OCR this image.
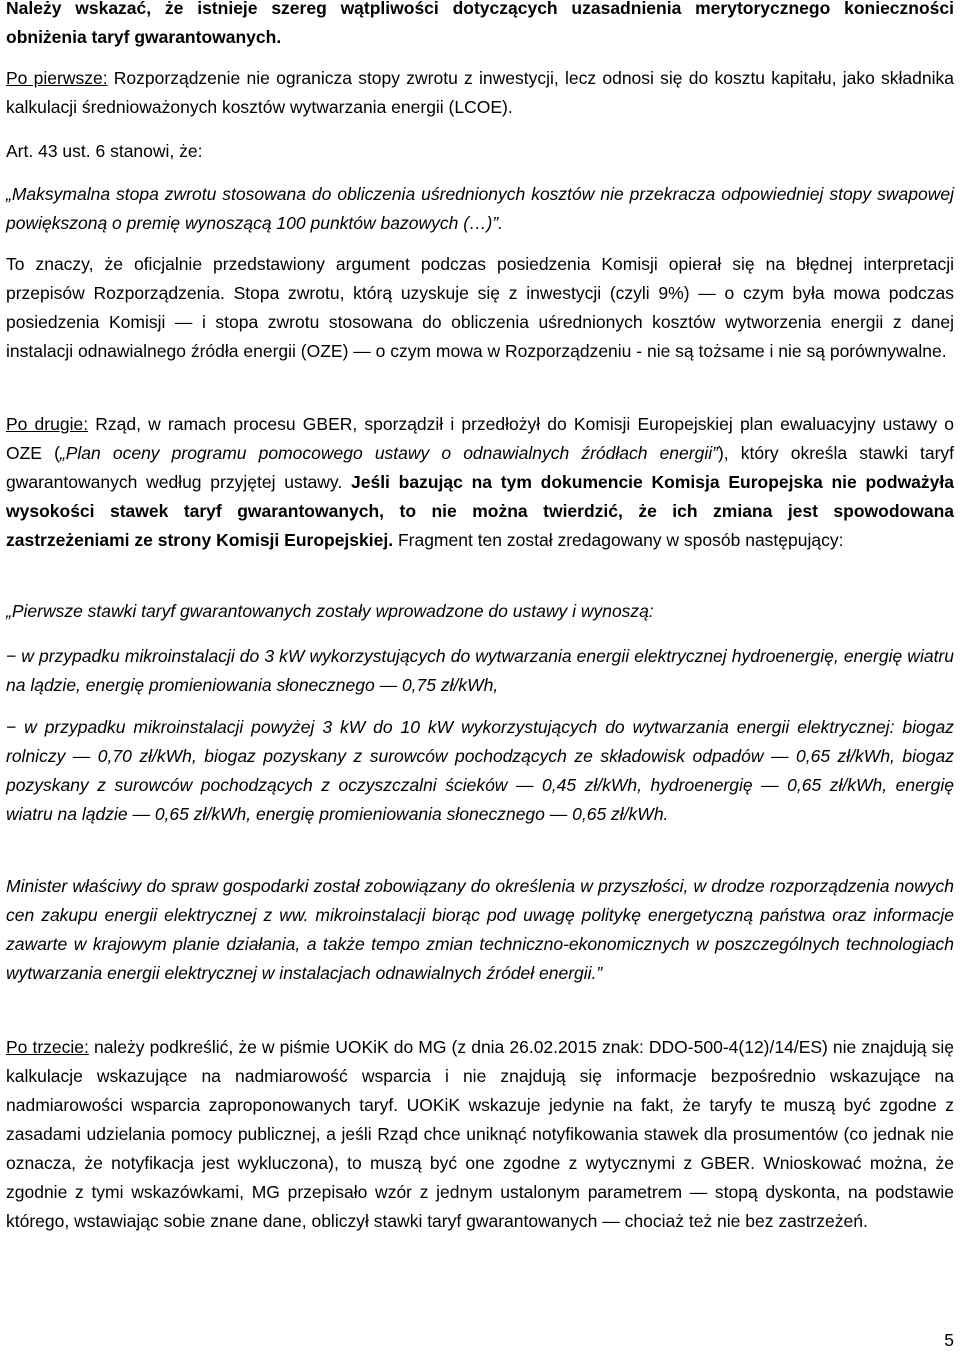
Należy wskazać, że istnieje szereg wątpliwości dotyczących uzasadnienia merytorycznego konieczności obniżenia taryf gwarantowanych.

Po pierwsze: Rozporządzenie nie ogranicza stopy zwrotu z inwestycji, lecz odnosi się do kosztu kapitału, jako składnika kalkulacji średnioważonych kosztów wytwarzania energii (LCOE).

Art. 43 ust. 6 stanowi, że:

„Maksymalna stopa zwrotu stosowana do obliczenia uśrednionych kosztów nie przekracza odpowiedniej stopy swapowej powiększoną o premię wynoszącą 100 punktów bazowych (…)”.

To znaczy, że oficjalnie przedstawiony argument podczas posiedzenia Komisji opierał się na błędnej interpretacji przepisów Rozporządzenia. Stopa zwrotu, którą uzyskuje się z inwestycji (czyli 9%) — o czym była mowa podczas posiedzenia Komisji — i stopa zwrotu stosowana do obliczenia uśrednionych kosztów wytworzenia energii z danej instalacji odnawialnego źródła energii (OZE) — o czym mowa w Rozporządzeniu - nie są tożsame i nie są porównywalne.

Po drugie: Rząd, w ramach procesu GBER, sporządził i przedłożył do Komisji Europejskiej plan ewaluacyjny ustawy o OZE („Plan oceny programu pomocowego ustawy o odnawialnych źródłach energii”), który określa stawki taryf gwarantowanych według przyjętej ustawy. Jeśli bazując na tym dokumencie Komisja Europejska nie podważyła wysokości stawek taryf gwarantowanych, to nie można twierdzić, że ich zmiana jest spowodowana zastrzeżeniami ze strony Komisji Europejskiej. Fragment ten został zredagowany w sposób następujący:

„Pierwsze stawki taryf gwarantowanych zostały wprowadzone do ustawy i wynoszą:

− w przypadku mikroinstalacji do 3 kW wykorzystujących do wytwarzania energii elektrycznej hydroenergię, energię wiatru na lądzie, energię promieniowania słonecznego — 0,75 zł/kWh,

− w przypadku mikroinstalacji powyżej 3 kW do 10 kW wykorzystujących do wytwarzania energii elektrycznej: biogaz rolniczy — 0,70 zł/kWh, biogaz pozyskany z surowców pochodzących ze składowisk odpadów — 0,65 zł/kWh, biogaz pozyskany z surowców pochodzących z oczyszczalni ścieków — 0,45 zł/kWh, hydroenergię — 0,65 zł/kWh, energię wiatru na lądzie — 0,65 zł/kWh, energię promieniowania słonecznego — 0,65 zł/kWh.

Minister właściwy do spraw gospodarki został zobowiązany do określenia w przyszłości, w drodze rozporządzenia nowych cen zakupu energii elektrycznej z ww. mikroinstalacji biorąc pod uwagę politykę energetyczną państwa oraz informacje zawarte w krajowym planie działania, a także tempo zmian techniczno-ekonomicznych w poszczególnych technologiach wytwarzania energii elektrycznej w instalacjach odnawialnych źródeł energii.”

Po trzecie: należy podkreślić, że w piśmie UOKiK do MG (z dnia 26.02.2015 znak: DDO-500-4(12)/14/ES) nie znajdują się kalkulacje wskazujące na nadmiarowość wsparcia i nie znajdują się informacje bezpośrednio wskazujące na nadmiarowości wsparcia zaproponowanych taryf. UOKiK wskazuje jedynie na fakt, że taryfy te muszą być zgodne z zasadami udzielania pomocy publicznej, a jeśli Rząd chce uniknąć notyfikowania stawek dla prosumentów (co jednak nie oznacza, że notyfikacja jest wykluczona), to muszą być one zgodne z wytycznymi z GBER. Wnioskować można, że zgodnie z tymi wskazówkami, MG przepisało wzór z jednym ustalonym parametrem — stopą dyskonta, na podstawie którego, wstawiając sobie znane dane, obliczył stawki taryf gwarantowanych — chociaż też nie bez zastrzeżeń.

5
